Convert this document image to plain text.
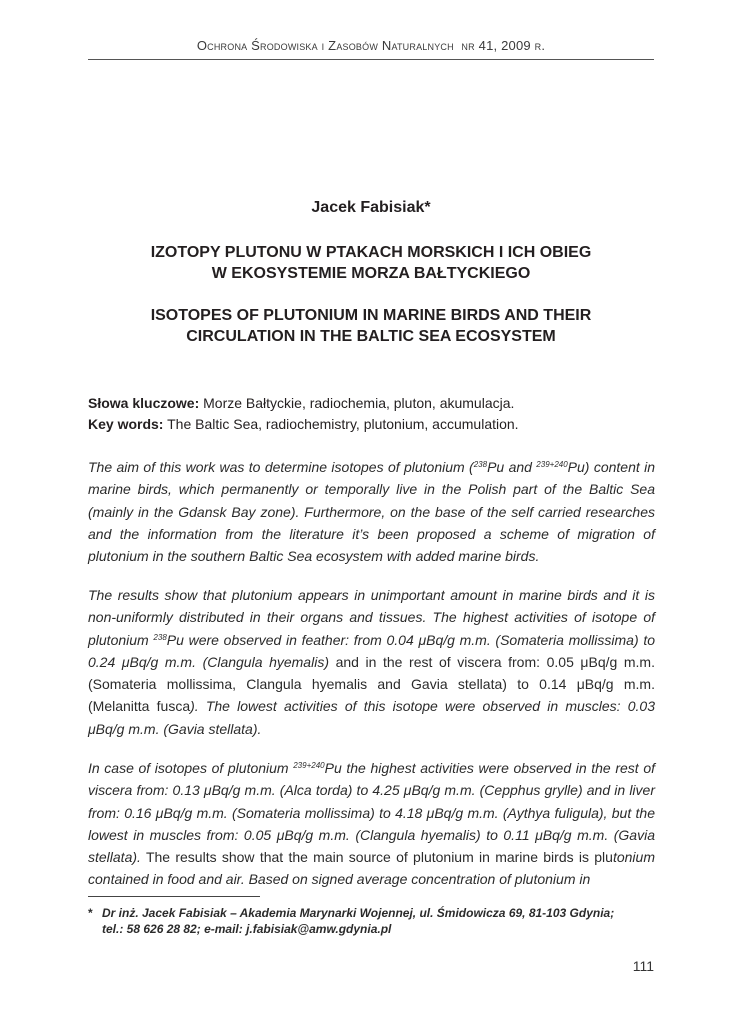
Ochrona Środowiska i Zasobów Naturalnych nr 41, 2009 r.
Jacek Fabisiak*
IZOTOPY PLUTONU W PTAKACH MORSKICH I ICH OBIEG
W EKOSYSTEMIE MORZA BAŁTYCKIEGO
ISOTOPES OF PLUTONIUM IN MARINE BIRDS AND THEIR
CIRCULATION IN THE BALTIC SEA ECOSYSTEM
Słowa kluczowe: Morze Bałtyckie, radiochemia, pluton, akumulacja.
Key words: The Baltic Sea, radiochemistry, plutonium, accumulation.
The aim of this work was to determine isotopes of plutonium ($^{238}$Pu and $^{239+240}$Pu) content in marine birds, which permanently or temporally live in the Polish part of the Baltic Sea (mainly in the Gdansk Bay zone). Furthermore, on the base of the self carried researches and the information from the literature it’s been proposed a scheme of migration of plutonium in the southern Baltic Sea ecosystem with added marine birds.
The results show that plutonium appears in unimportant amount in marine birds and it is non-uniformly distributed in their organs and tissues. The highest activities of isotope of plutonium $^{238}$Pu were observed in feather: from 0.04 μBq/g m.m. (Somateria mollissima) to 0.24 μBq/g m.m. (Clangula hyemalis) and in the rest of viscera from: 0.05 μBq/g m.m. (Somateria mollissima, Clangula hyemalis and Gavia stellata) to 0.14 μBq/g m.m. (Melanitta fusca). The lowest activities of this isotope were observed in muscles: 0.03 μBq/g m.m. (Gavia stellata).
In case of isotopes of plutonium $^{239+240}$Pu the highest activities were observed in the rest of viscera from: 0.13 μBq/g m.m. (Alca torda) to 4.25 μBq/g m.m. (Cepphus grylle) and in liver from: 0.16 μBq/g m.m. (Somateria mollissima) to 4.18 μBq/g m.m. (Aythya fuligula), but the lowest in muscles from: 0.05 μBq/g m.m. (Clangula hyemalis) to 0.11 μBq/g m.m. (Gavia stellata). The results show that the main source of plutonium in marine birds is plutonium contained in food and air. Based on signed average concentration of plutonium in
* Dr inż. Jacek Fabisiak – Akademia Marynarki Wojennej, ul. Śmidowicza 69, 81-103 Gdynia;
tel.: 58 626 28 82; e-mail: j.fabisiak@amw.gdynia.pl
111
